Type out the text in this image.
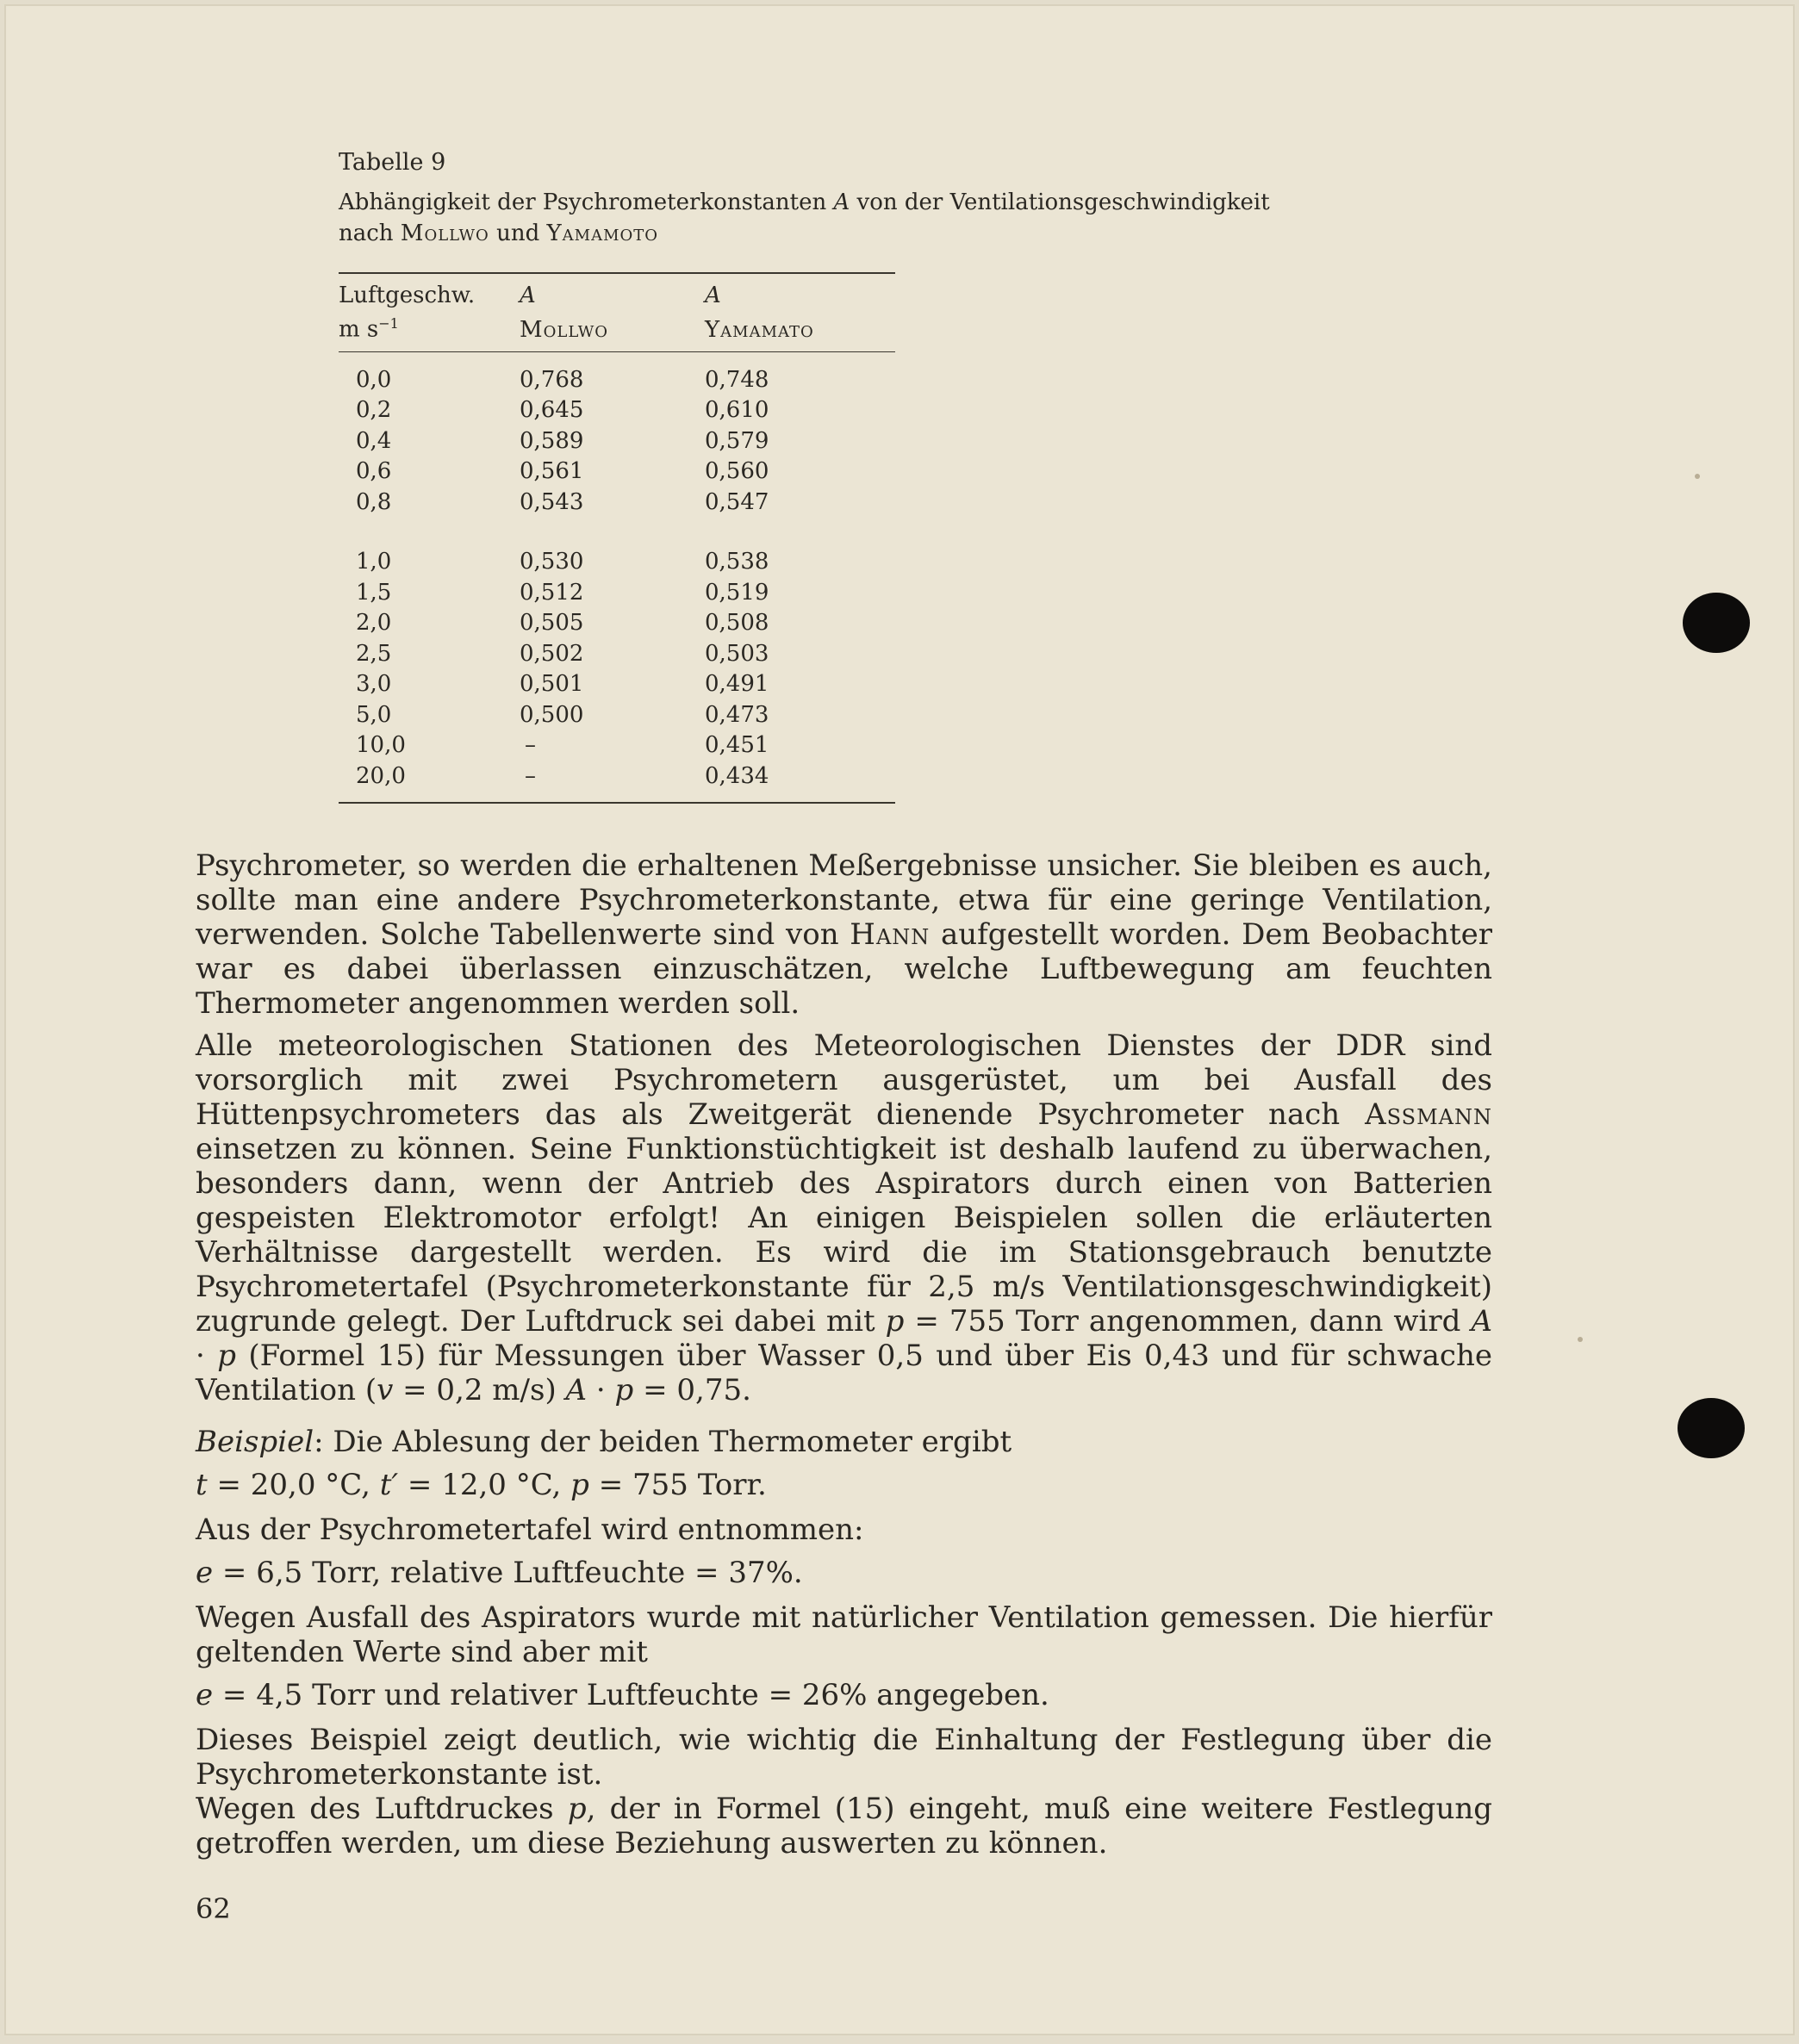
Tabelle 9

Abhängigkeit der Psychrometerkonstanten A von der Ventilationsgeschwindigkeit
nach Mollwo und Yamamoto

Luftgeschw.	A	A
m $s^{-1}$	Mollwo	Yamamato
0,0	0,768	0,748
0,2	0,645	0,610
0,4	0,589	0,579
0,6	0,561	0,560
0,8	0,543	0,547
1,0	0,530	0,538
1,5	0,512	0,519
2,0	0,505	0,508
2,5	0,502	0,503
3,0	0,501	0,491
5,0	0,500	0,473
10,0	–	0,451
20,0	–	0,434

Psychrometer, so werden die erhaltenen Meßergebnisse unsicher. Sie bleiben es auch, sollte man eine andere Psychrometerkonstante, etwa für eine geringe Ventilation, verwenden. Solche Tabellenwerte sind von Hann aufgestellt worden. Dem Beobachter war es dabei überlassen einzuschätzen, welche Luftbewegung am feuchten Thermometer angenommen werden soll.

Alle meteorologischen Stationen des Meteorologischen Dienstes der DDR sind vorsorglich mit zwei Psychrometern ausgerüstet, um bei Ausfall des Hüttenpsychrometers das als Zweitgerät dienende Psychrometer nach Assmann einsetzen zu können. Seine Funktionstüchtigkeit ist deshalb laufend zu überwachen, besonders dann, wenn der Antrieb des Aspirators durch einen von Batterien gespeisten Elektromotor erfolgt! An einigen Beispielen sollen die erläuterten Verhältnisse dargestellt werden. Es wird die im Stationsgebrauch benutzte Psychrometertafel (Psychrometerkonstante für 2,5 m/s Ventilationsgeschwindigkeit) zugrunde gelegt. Der Luftdruck sei dabei mit p = 755 Torr angenommen, dann wird A · p (Formel 15) für Messungen über Wasser 0,5 und über Eis 0,43 und für schwache Ventilation (v = 0,2 m/s) A · p = 0,75.

Beispiel: Die Ablesung der beiden Thermometer ergibt

t = 20,0 °C, t′ = 12,0 °C, p = 755 Torr.

Aus der Psychrometertafel wird entnommen:

e = 6,5 Torr, relative Luftfeuchte = 37%.

Wegen Ausfall des Aspirators wurde mit natürlicher Ventilation gemessen. Die hierfür geltenden Werte sind aber mit

e = 4,5 Torr und relativer Luftfeuchte = 26% angegeben.

Dieses Beispiel zeigt deutlich, wie wichtig die Einhaltung der Festlegung über die Psychrometerkonstante ist.

Wegen des Luftdruckes p, der in Formel (15) eingeht, muß eine weitere Festlegung getroffen werden, um diese Beziehung auswerten zu können.

62
